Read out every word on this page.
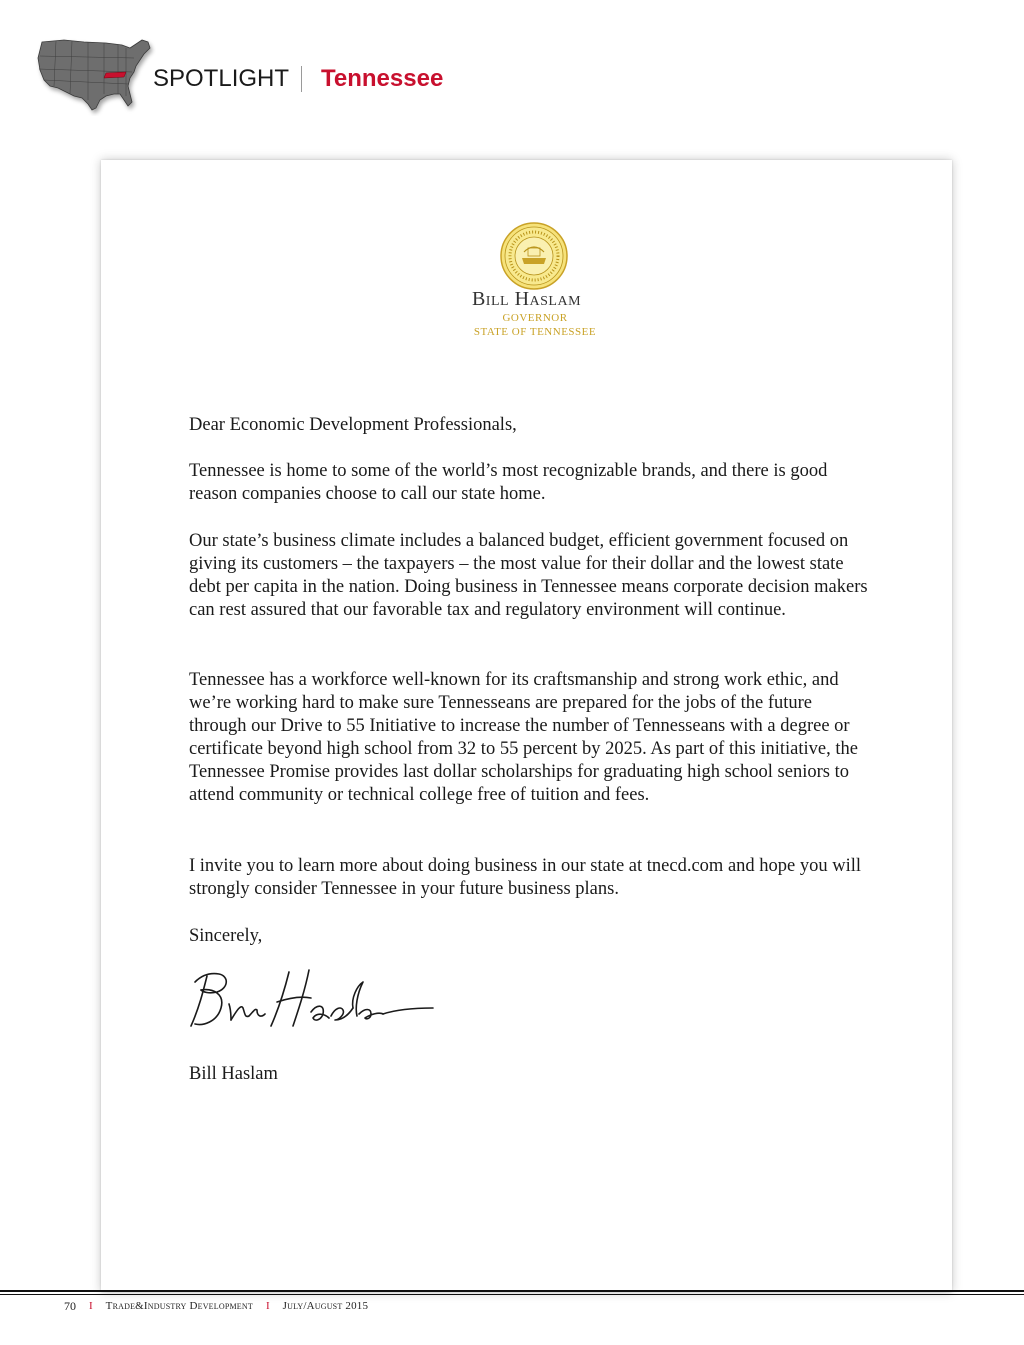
SPOTLIGHT Tennessee
Bill Haslam
GOVERNOR
STATE OF TENNESSEE

Dear Economic Development Professionals,

Tennessee is home to some of the world’s most recognizable brands, and there is good reason companies choose to call our state home.

Our state’s business climate includes a balanced budget, efficient government focused on giving its customers – the taxpayers – the most value for their dollar and the lowest state debt per capita in the nation. Doing business in Tennessee means corporate decision makers can rest assured that our favorable tax and regulatory environment will continue.

Tennessee has a workforce well-known for its craftsmanship and strong work ethic, and we’re working hard to make sure Tennesseans are prepared for the jobs of the future through our Drive to 55 Initiative to increase the number of Tennesseans with a degree or certificate beyond high school from 32 to 55 percent by 2025. As part of this initiative, the Tennessee Promise provides last dollar scholarships for graduating high school seniors to attend community or technical college free of tuition and fees.

I invite you to learn more about doing business in our state at tnecd.com and hope you will strongly consider Tennessee in your future business plans.

Sincerely,

Bill Haslam

70 I Trade&Industry Development I July/August 2015
